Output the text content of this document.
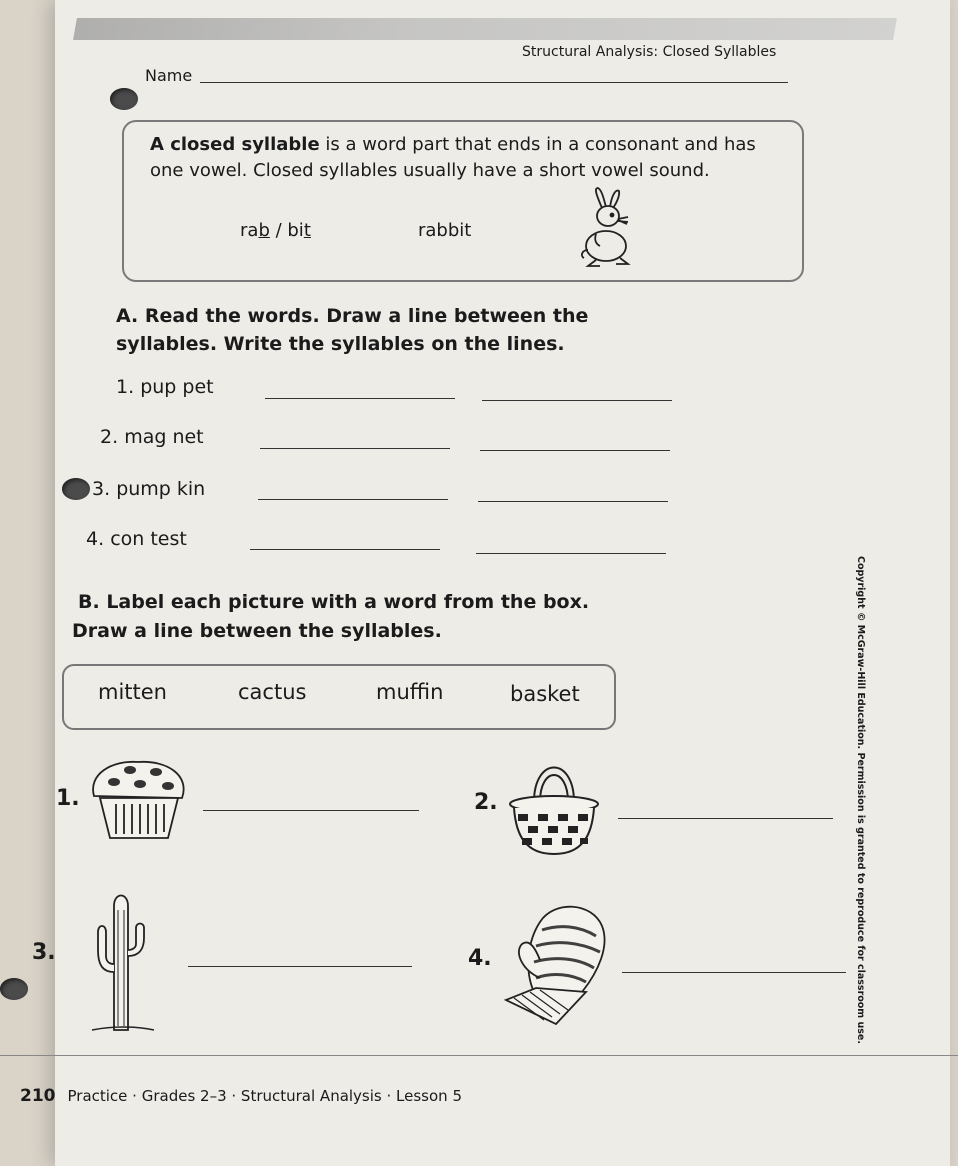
Structural Analysis: Closed Syllables
Name
A closed syllable is a word part that ends in a consonant and has one vowel. Closed syllables usually have a short vowel sound.
rab / bit	rabbit
A. Read the words. Draw a line between the syllables. Write the syllables on the lines.
1. pup pet
2. mag net
3. pump kin
4. con test
B. Label each picture with a word from the box.
Draw a line between the syllables.
mitten	cactus	muffin	basket
1.	2.
3.	4.	Copyright © McGraw-Hill Education. Permission is granted to reproduce for classroom use.
210 Practice · Grades 2–3 · Structural Analysis · Lesson 5
